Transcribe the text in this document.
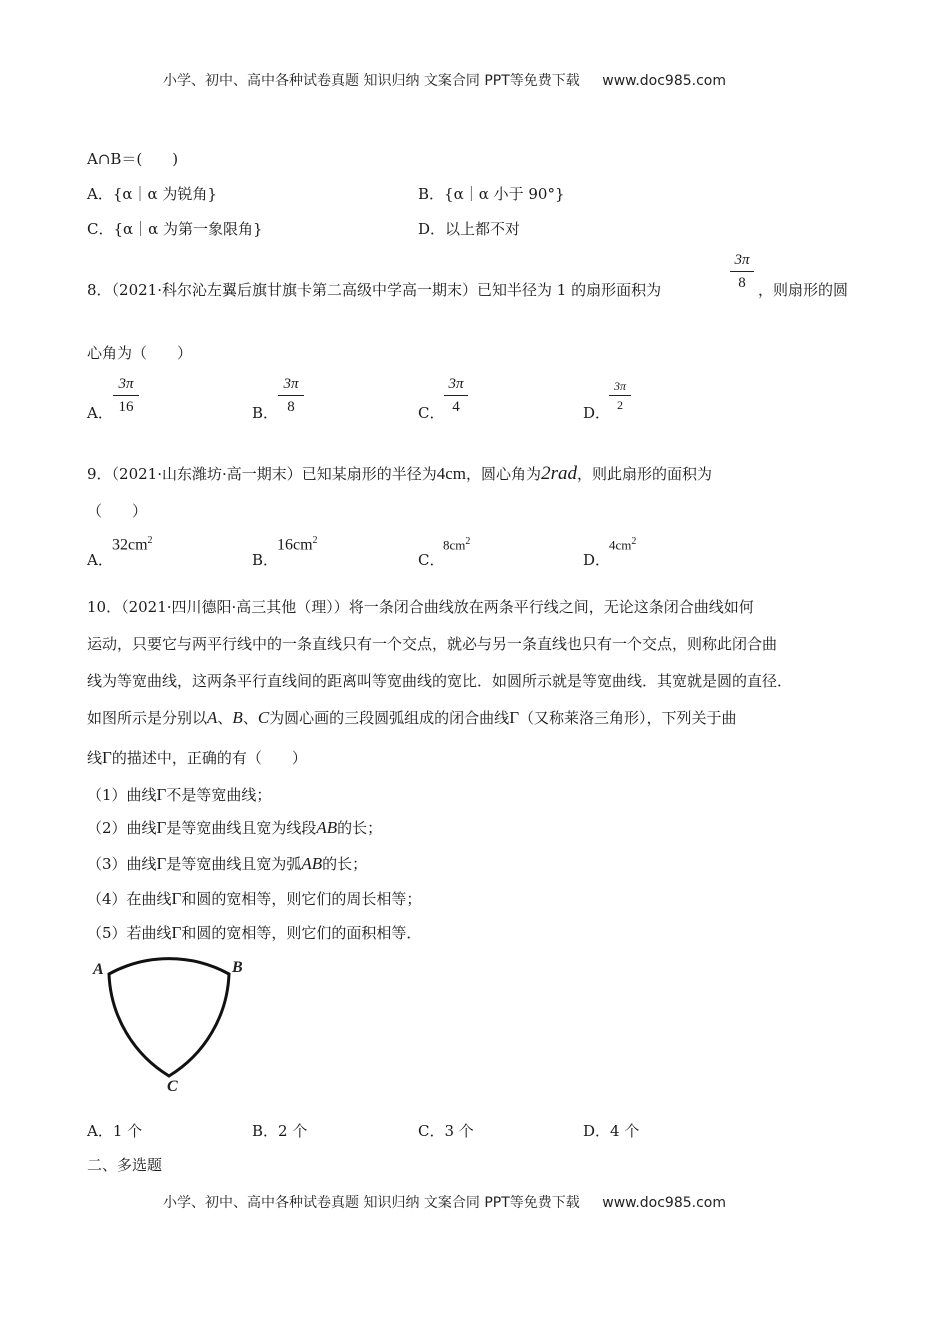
小学、初中、高中各种试卷真题 知识归纳 文案合同 PPT等免费下载 www.doc985.com
A∩B＝(　　)
A．{α｜α 为锐角}	B．{α｜α 小于 90°}
C．{α｜α 为第一象限角}	D．以上都不对
8．（2021·科尔沁左翼后旗甘旗卡第二高级中学高一期末）已知半径为 1 的扇形面积为
3π
8 ，则扇形的圆
心角为（　　）
A．
3π
16	B．
3π
8	C．
3π
4	D．
3π
2
9．（2021·山东潍坊·高一期末）已知某扇形的半径为4cm，圆心角为2rad，则此扇形的面积为
（　　）
A．
$32cm^2$
B．
$16cm^2$
C．
$8cm^2$
D．
$4cm^2$
10．（2021·四川德阳·高三其他（理））将一条闭合曲线放在两条平行线之间，无论这条闭合曲线如何
运动，只要它与两平行线中的一条直线只有一个交点，就必与另一条直线也只有一个交点，则称此闭合曲
线为等宽曲线，这两条平行直线间的距离叫等宽曲线的宽比．如圆所示就是等宽曲线．其宽就是圆的直径．
如图所示是分别以A、B、C为圆心画的三段圆弧组成的闭合曲线Γ（又称莱洛三角形），下列关于曲
线Γ的描述中，正确的有（　　）
（1）曲线Γ不是等宽曲线；
（2）曲线Γ是等宽曲线且宽为线段AB的长；
（3）曲线Γ是等宽曲线且宽为弧AB的长；
（4）在曲线Γ和圆的宽相等，则它们的周长相等；
（5）若曲线Γ和圆的宽相等，则它们的面积相等．
A	B
C
A．1 个	B．2 个	C．3 个	D．4 个
二、多选题
小学、初中、高中各种试卷真题 知识归纳 文案合同 PPT等免费下载 www.doc985.com
